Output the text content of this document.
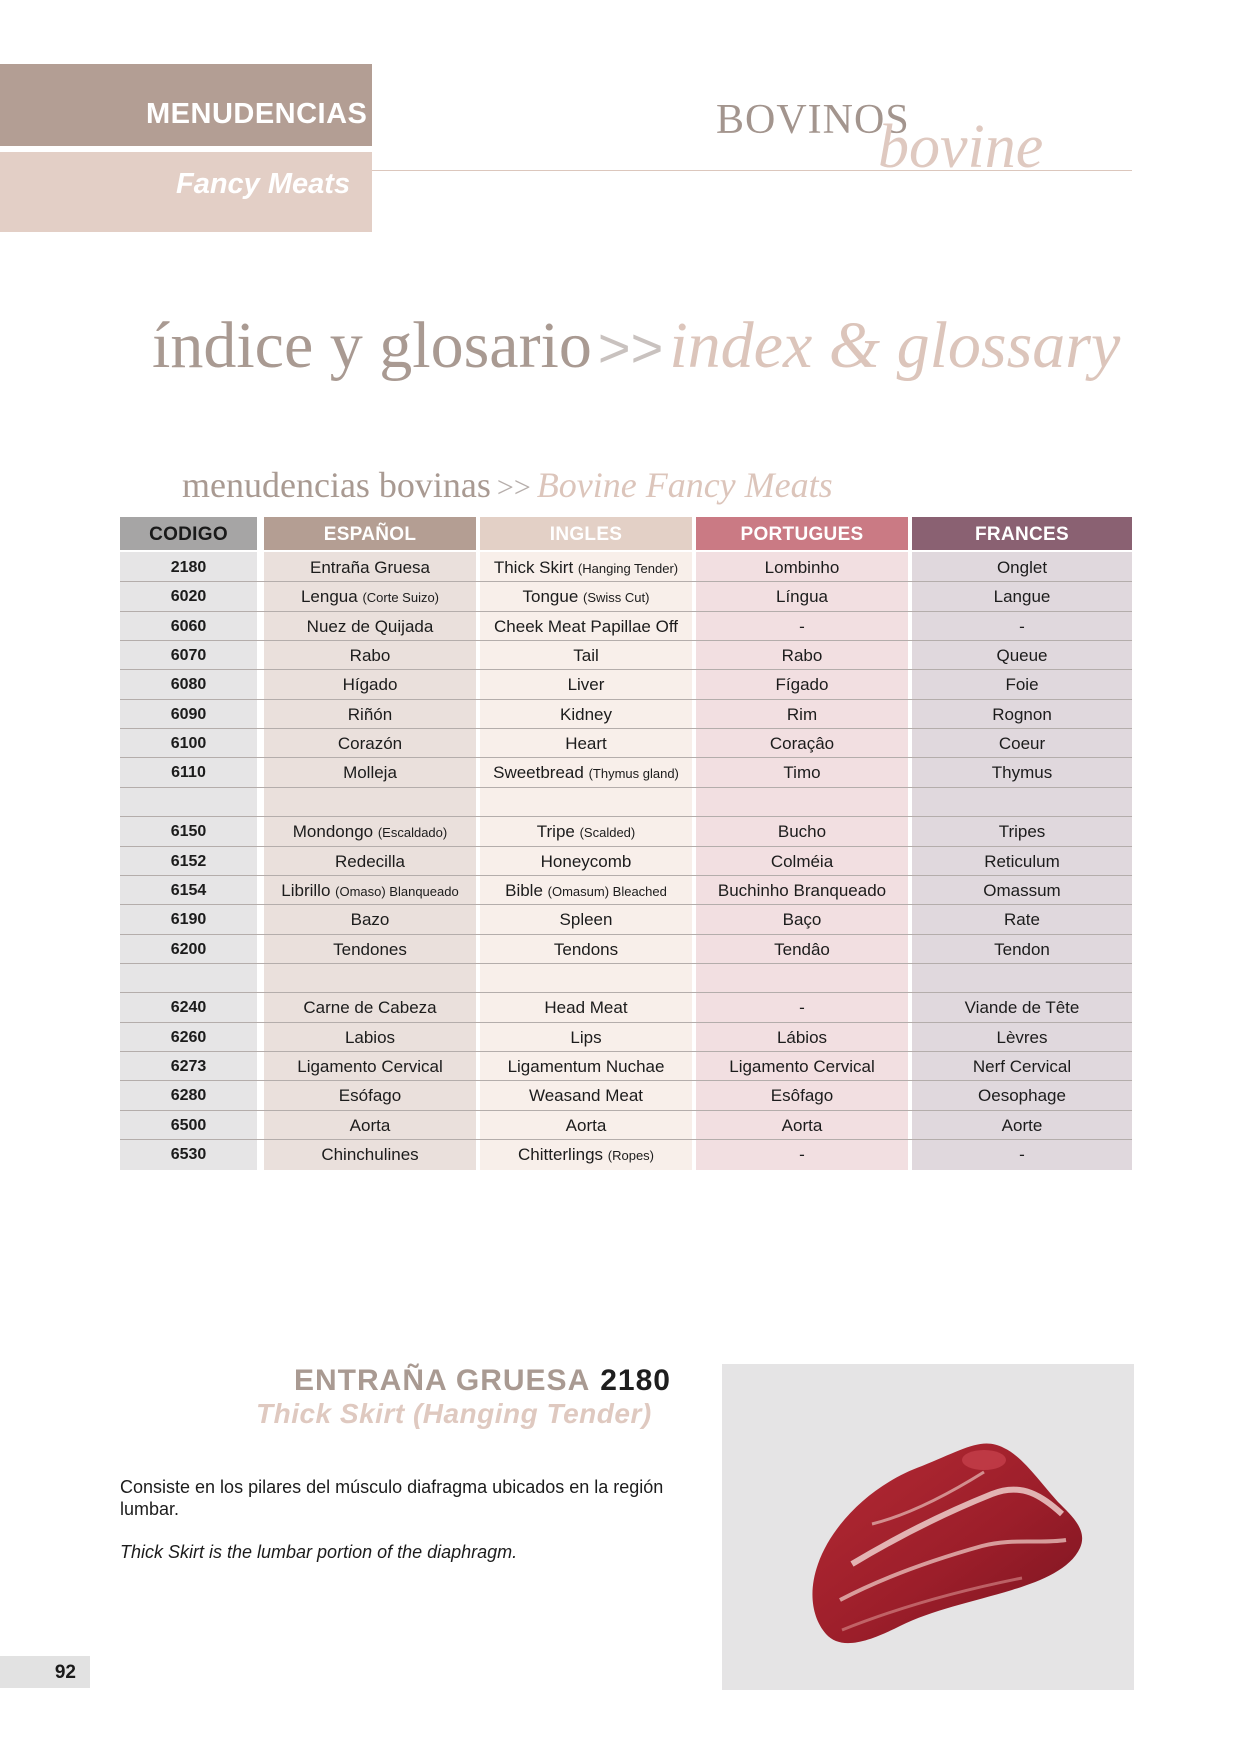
MENUDENCIAS
Fancy Meats
BOVINOS
bovine
índice y glosario >>index & glossary
menudencias bovinas >> Bovine Fancy Meats
CODIGO	ESPAÑOL	INGLES	PORTUGUES	FRANCES
2180	Entraña Gruesa	Thick Skirt (Hanging Tender)	Lombinho	Onglet
6020	Lengua (Corte Suizo)	Tongue (Swiss Cut)	Língua	Langue
6060	Nuez de Quijada	Cheek Meat Papillae Off	-	-
6070	Rabo	Tail	Rabo	Queue
6080	Hígado	Liver	Fígado	Foie
6090	Riñón	Kidney	Rim	Rognon
6100	Corazón	Heart	Coraçâo	Coeur
6110	Molleja	Sweetbread (Thymus gland)	Timo	Thymus
6150	Mondongo (Escaldado)	Tripe (Scalded)	Bucho	Tripes
6152	Redecilla	Honeycomb	Colméia	Reticulum
6154	Librillo (Omaso) Blanqueado	Bible (Omasum) Bleached	Buchinho Branqueado	Omassum
6190	Bazo	Spleen	Baço	Rate
6200	Tendones	Tendons	Tendâo	Tendon
6240	Carne de Cabeza	Head Meat	-	Viande de Tête
6260	Labios	Lips	Lábios	Lèvres
6273	Ligamento Cervical	Ligamentum Nuchae	Ligamento Cervical	Nerf Cervical
6280	Esófago	Weasand Meat	Esôfago	Oesophage
6500	Aorta	Aorta	Aorta	Aorte
6530	Chinchulines	Chitterlings (Ropes)	-	-
ENTRAÑA GRUESA 2180
Thick Skirt (Hanging Tender)
Consiste en los pilares del músculo diafragma ubicados en la región lumbar.
Thick Skirt is the lumbar portion of the diaphragm.
92
